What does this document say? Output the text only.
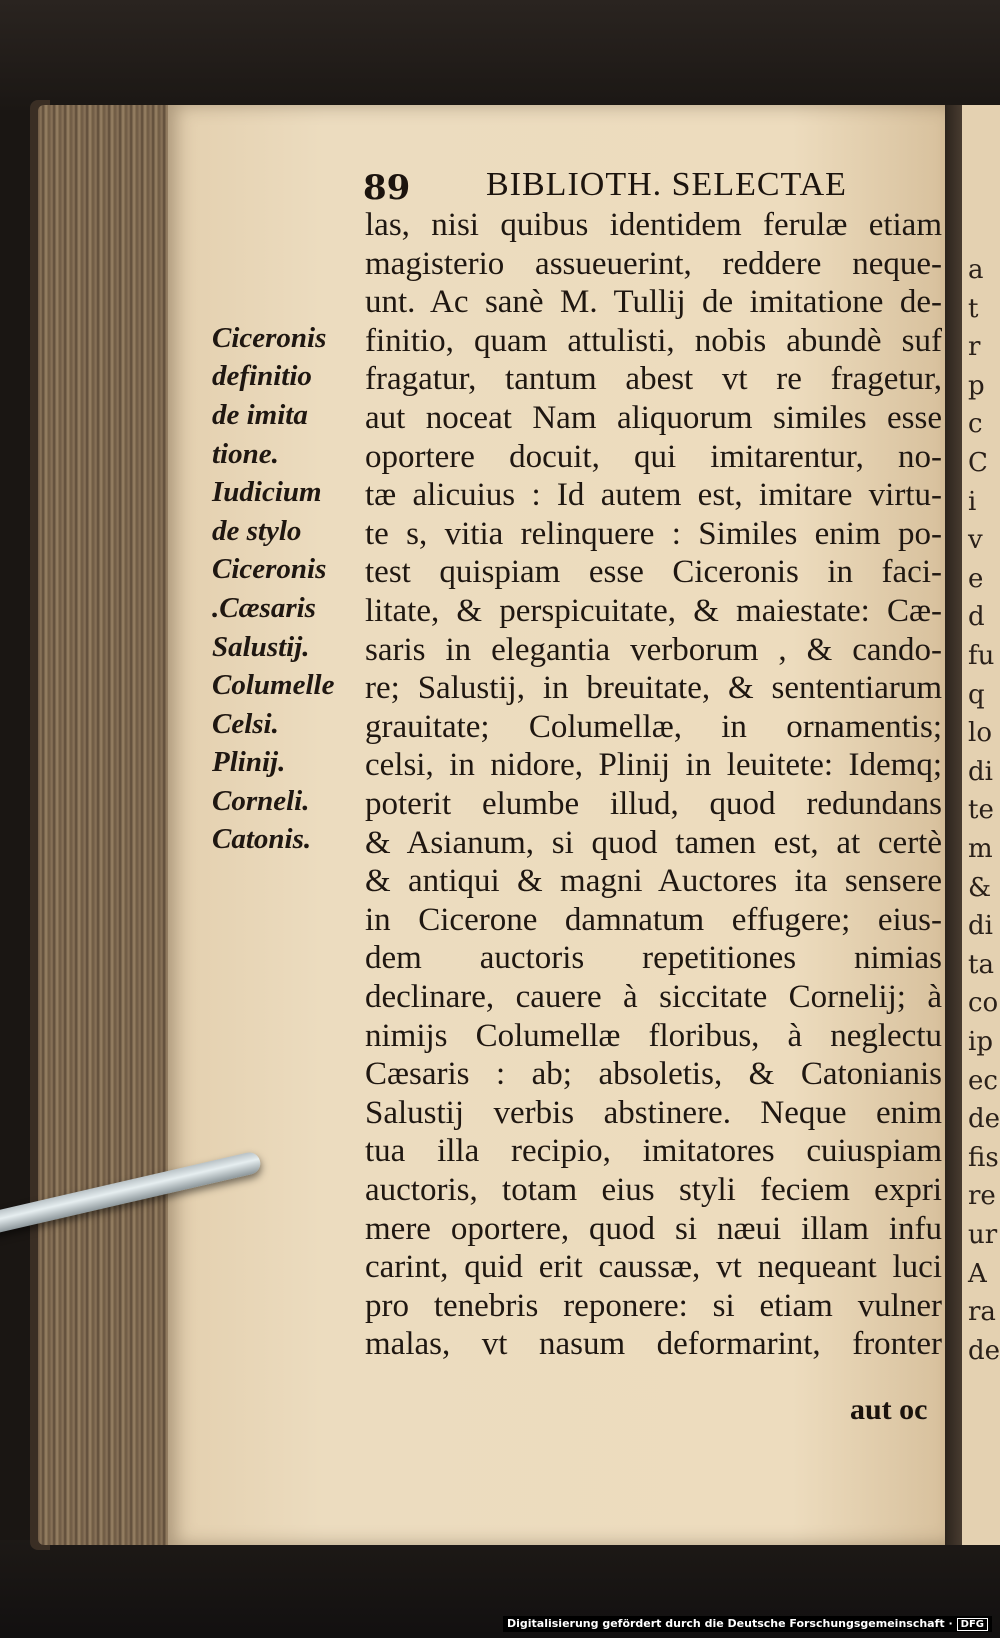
a
t
r
p
c
C
i
v
e
d
fu
q
lo
di
te
m
&
di
ta
co
ip
ec
de
fis
re
ur
A
ra
de
89 BIBLIOTH. SELECTAE
las, nisi quibus identidem ferulæ etiam
magisterio assueuerint, reddere neque-
unt. Ac sanè M. Tullij de imitatione de-
finitio, quam attulisti, nobis abundè suf
fragatur, tantum abest vt re fragetur,
aut noceat Nam aliquorum similes esse
oportere docuit, qui imitarentur, no-
tæ alicuius : Id autem est, imitare virtu-
te s, vitia relinquere : Similes enim po-
test quispiam esse Ciceronis in faci-
litate, & perspicuitate, & maiestate: Cæ-
saris in elegantia verborum , & cando-
re; Salustij, in breuitate, & sententiarum
grauitate; Columellæ, in ornamentis;
celsi, in nidore, Plinij in leuitete: Idemq;
poterit elumbe illud, quod redundans
& Asianum, si quod tamen est, at certè
& antiqui & magni Auctores ita sensere
in Cicerone damnatum effugere; eius-
dem auctoris repetitiones nimias
declinare, cauere à siccitate Cornelij; à
nimijs Columellæ floribus, à neglectu
Cæsaris : ab; absoletis, & Catonianis
Salustij verbis abstinere. Neque enim
tua illa recipio, imitatores cuiuspiam
auctoris, totam eius styli feciem expri
mere oportere, quod si næui illam infu
carint, quid erit caussæ, vt nequeant luci
pro tenebris reponere: si etiam vulner
malas, vt nasum deformarint, fronter
Ciceronis
definitio
de imita
tione.
Iudicium
de stylo
Ciceronis
.Cæsaris
Salustij.
Columelle
Celsi.
Plinij.
Corneli.
Catonis.
aut oc
Digitalisierung gefördert durch die Deutsche Forschungsgemeinschaft · DFG
